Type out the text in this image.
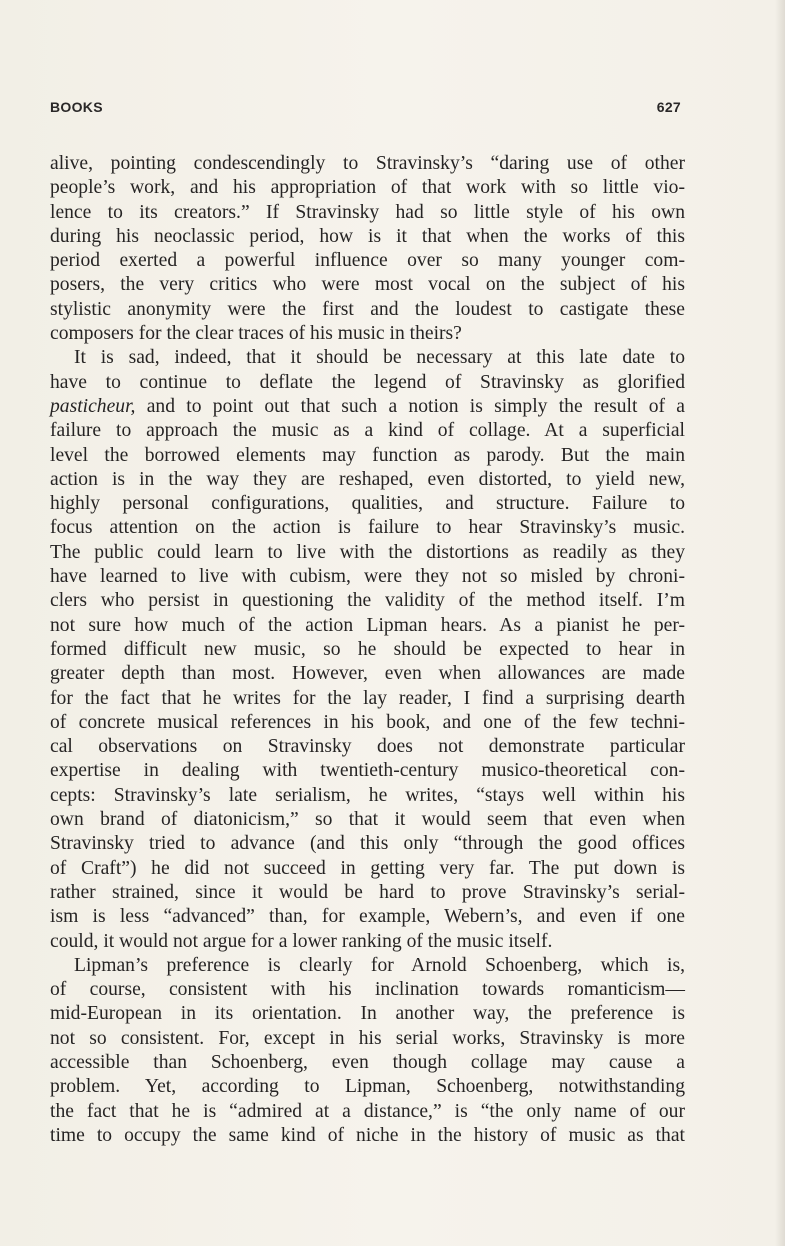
BOOKS	627
alive, pointing condescendingly to Stravinsky’s “daring use of other
people’s work, and his appropriation of that work with so little vio-
lence to its creators.” If Stravinsky had so little style of his own
during his neoclassic period, how is it that when the works of this
period exerted a powerful influence over so many younger com-
posers, the very critics who were most vocal on the subject of his
stylistic anonymity were the first and the loudest to castigate these
composers for the clear traces of his music in theirs?
It is sad, indeed, that it should be necessary at this late date to
have to continue to deflate the legend of Stravinsky as glorified
pasticheur, and to point out that such a notion is simply the result of a
failure to approach the music as a kind of collage. At a superficial
level the borrowed elements may function as parody. But the main
action is in the way they are reshaped, even distorted, to yield new,
highly personal configurations, qualities, and structure. Failure to
focus attention on the action is failure to hear Stravinsky’s music.
The public could learn to live with the distortions as readily as they
have learned to live with cubism, were they not so misled by chroni-
clers who persist in questioning the validity of the method itself. I’m
not sure how much of the action Lipman hears. As a pianist he per-
formed difficult new music, so he should be expected to hear in
greater depth than most. However, even when allowances are made
for the fact that he writes for the lay reader, I find a surprising dearth
of concrete musical references in his book, and one of the few techni-
cal observations on Stravinsky does not demonstrate particular
expertise in dealing with twentieth-century musico-theoretical con-
cepts: Stravinsky’s late serialism, he writes, “stays well within his
own brand of diatonicism,” so that it would seem that even when
Stravinsky tried to advance (and this only “through the good offices
of Craft”) he did not succeed in getting very far. The put down is
rather strained, since it would be hard to prove Stravinsky’s serial-
ism is less “advanced” than, for example, Webern’s, and even if one
could, it would not argue for a lower ranking of the music itself.
Lipman’s preference is clearly for Arnold Schoenberg, which is,
of course, consistent with his inclination towards romanticism—
mid-European in its orientation. In another way, the preference is
not so consistent. For, except in his serial works, Stravinsky is more
accessible than Schoenberg, even though collage may cause a
problem. Yet, according to Lipman, Schoenberg, notwithstanding
the fact that he is “admired at a distance,” is “the only name of our
time to occupy the same kind of niche in the history of music as that
